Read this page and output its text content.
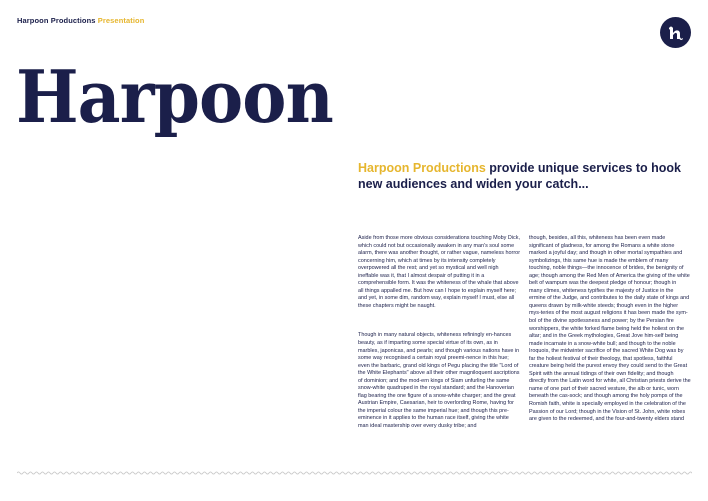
Harpoon Productions Presentation
Harpoon
Harpoon Productions provide unique services to hook new audiences and widen your catch...

Aside from those more obvious considerations touching Moby Dick, which could not but occasionally awaken in any man's soul some alarm, there was another thought, or rather vague, nameless horror concerning him, which at times by its intensity completely overpowered all the rest; and yet so mystical and well nigh ineffable was it, that I almost despair of putting it in a comprehensible form. It was the whiteness of the whale that above all things appalled me. But how can I hope to explain myself here; and yet, in some dim, random way, explain myself I must, else all these chapters might be naught.

Though in many natural objects, whiteness refiningly en-hances beauty, as if imparting some special virtue of its own, as in marbles, japonicas, and pearls; and though various nations have in some way recognised a certain royal preemi-nence in this hue; even the barbaric, grand old kings of Pegu placing the title "Lord of the White Elephants" above all their other magniloquent ascriptions of dominion; and the mod-ern kings of Siam unfurling the same snow-white quadruped in the royal standard; and the Hanoverian flag bearing the one figure of a snow-white charger; and the great Austrian Empire, Caesarian, heir to overlording Rome, having for the imperial colour the same imperial hue; and though this pre-eminence in it applies to the human race itself, giving the white man ideal mastership over every dusky tribe; and

though, besides, all this, whiteness has been even made significant of gladness, for among the Romans a white stone marked a joyful day; and though in other mortal sympathies and symbolizings, this same hue is made the emblem of many touching, noble things—the innocence of brides, the benignity of age; though among the Red Men of America the giving of the white belt of wampum was the deepest pledge of honour; though in many climes, whiteness typifies the majesty of Justice in the ermine of the Judge, and contributes to the daily state of kings and queens drawn by milk-white steeds; though even in the higher mys-teries of the most august religions it has been made the sym-bol of the divine spotlessness and power; by the Persian fire worshippers, the white forked flame being held the holiest on the altar; and in the Greek mythologies, Great Jove him-self being made incarnate in a snow-white bull; and though to the noble Iroquois, the midwinter sacrifice of the sacred White Dog was by far the holiest festival of their theology, that spotless, faithful creature being held the purest envoy they could send to the Great Spirit with the annual tidings of their own fidelity; and though directly from the Latin word for white, all Christian priests derive the name of one part of their sacred vesture, the alb or tunic, worn beneath the cas-sock; and though among the holy pomps of the Romish faith, white is specially employed in the celebration of the Passion of our Lord; though in the Vision of St. John, white robes are given to the redeemed, and the four-and-twenty elders stand
